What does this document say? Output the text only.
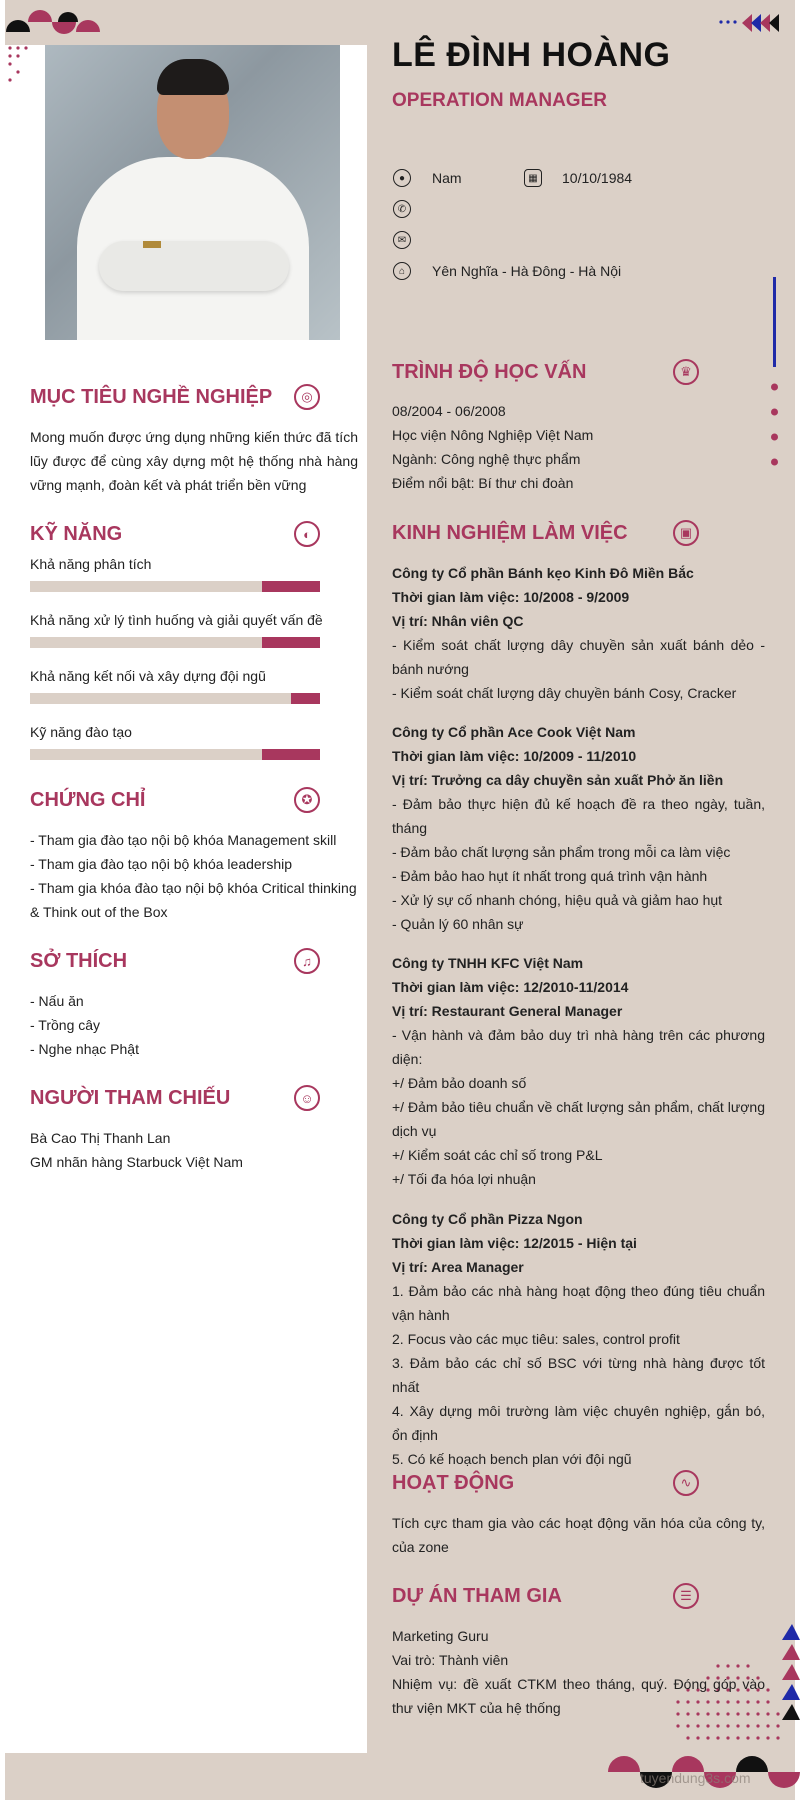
tuyendung3s.com
LÊ ĐÌNH HOÀNG
OPERATION MANAGER
●	Nam	▦	10/10/1984
✆
✉
⌂	Yên Nghĩa - Hà Đông - Hà Nội
MỤC TIÊU NGHỀ NGHIỆP	◎

Mong muốn được ứng dụng những kiến thức đã tích lũy được để cùng xây dựng một hệ thống nhà hàng vững mạnh, đoàn kết và phát triển bền vững

KỸ NĂNG	◐
Khả năng phân tích
Khả năng xử lý tình huống và giải quyết vấn đề
Khả năng kết nối và xây dựng đội ngũ
Kỹ năng đào tạo
CHỨNG CHỈ	✪
- Tham gia đào tạo nội bộ khóa Management skill
- Tham gia đào tạo nội bộ khóa leadership
- Tham gia khóa đào tạo nội bộ khóa Critical thinking & Think out of the Box
SỞ THÍCH	♫
- Nấu ăn
- Trồng cây
- Nghe nhạc Phật
NGƯỜI THAM CHIẾU	☺
Bà Cao Thị Thanh Lan
GM nhãn hàng Starbuck Việt Nam
TRÌNH ĐỘ HỌC VẤN	♛
08/2004 - 06/2008
Học viện Nông Nghiệp Việt Nam
Ngành: Công nghệ thực phẩm
Điểm nổi bật: Bí thư chi đoàn
KINH NGHIỆM LÀM VIỆC	▣
Công ty Cổ phần Bánh kẹo Kinh Đô Miền Bắc
Thời gian làm việc: 10/2008 - 9/2009
Vị trí: Nhân viên QC
- Kiểm soát chất lượng dây chuyền sản xuất bánh dẻo - bánh nướng
- Kiểm soát chất lượng dây chuyền bánh Cosy, Cracker
Công ty Cổ phần Ace Cook Việt Nam
Thời gian làm việc: 10/2009 - 11/2010
Vị trí: Trưởng ca dây chuyền sản xuất Phở ăn liền
- Đảm bảo thực hiện đủ kế hoạch đề ra theo ngày, tuần, tháng
- Đảm bảo chất lượng sản phẩm trong mỗi ca làm việc
- Đảm bảo hao hụt ít nhất trong quá trình vận hành
- Xử lý sự cố nhanh chóng, hiệu quả và giảm hao hụt
- Quản lý 60 nhân sự
Công ty TNHH KFC Việt Nam
Thời gian làm việc: 12/2010-11/2014
Vị trí: Restaurant General Manager
- Vận hành và đảm bảo duy trì nhà hàng trên các phương diện:
+/ Đảm bảo doanh số
+/ Đảm bảo tiêu chuẩn về chất lượng sản phẩm, chất lượng dịch vụ
+/ Kiểm soát các chỉ số trong P&L
+/ Tối đa hóa lợi nhuận
Công ty Cổ phần Pizza Ngon
Thời gian làm việc: 12/2015 - Hiện tại
Vị trí: Area Manager
1. Đảm bảo các nhà hàng hoạt động theo đúng tiêu chuẩn vận hành
2. Focus vào các mục tiêu: sales, control profit
3. Đảm bảo các chỉ số BSC với từng nhà hàng được tốt nhất
4. Xây dựng môi trường làm việc chuyên nghiệp, gắn bó, ổn định
5. Có kế hoạch bench plan với đội ngũ
HOẠT ĐỘNG	∿

Tích cực tham gia vào các hoạt động văn hóa của công ty, của zone

DỰ ÁN THAM GIA	☰
Marketing Guru
Vai trò: Thành viên
Nhiệm vụ: đề xuất CTKM theo tháng, quý. Đóng góp vào thư viện MKT của hệ thống
